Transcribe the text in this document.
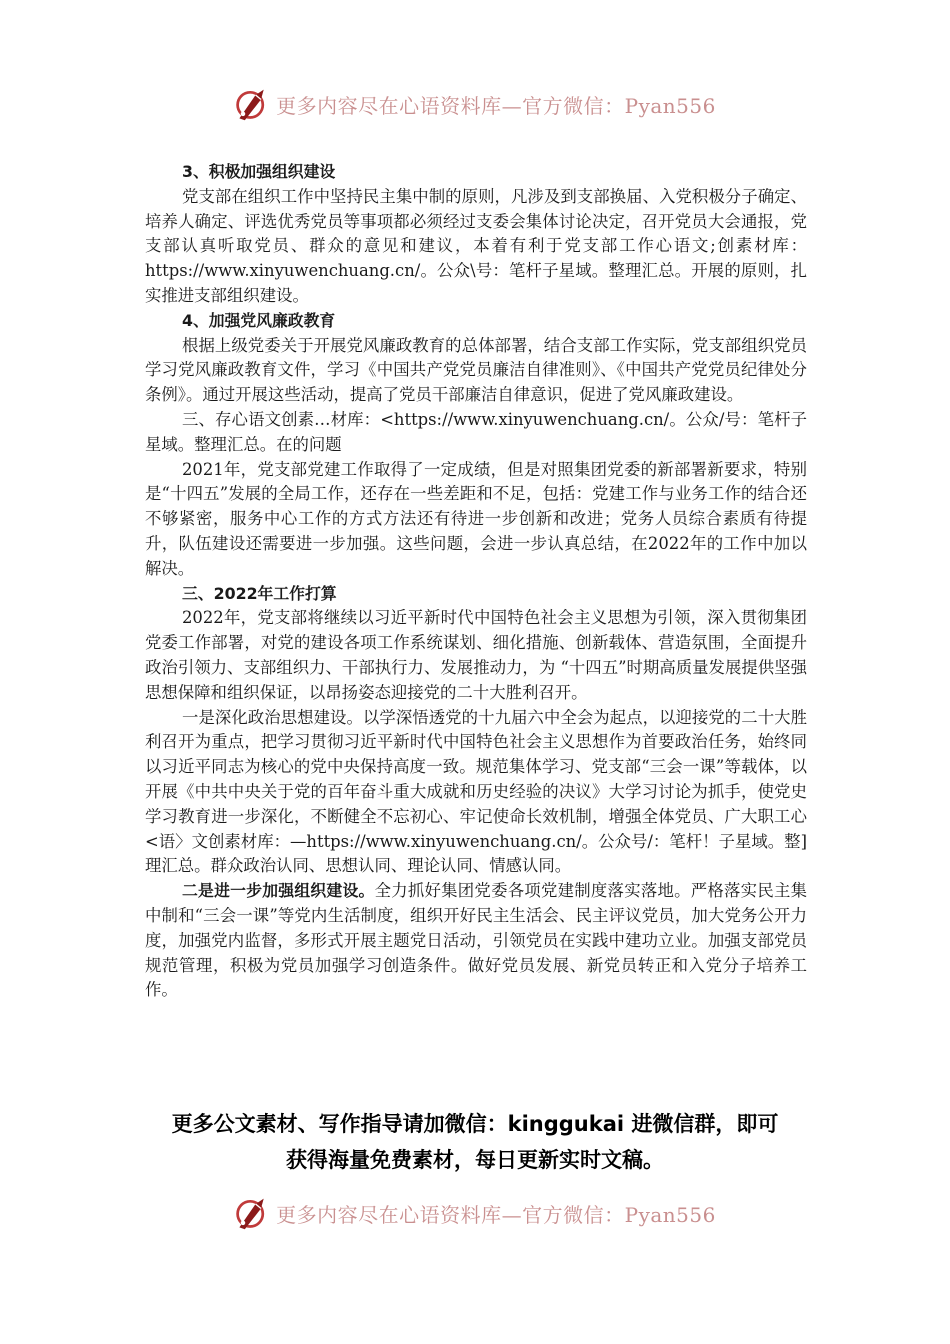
更多内容尽在心语资料库—官方微信：Pyan556

3、积极加强组织建设

党支部在组织工作中坚持民主集中制的原则，凡涉及到支部换届、入党积极分子确定、培养人确定、评选优秀党员等事项都必须经过支委会集体讨论决定，召开党员大会通报，党支部认真听取党员、群众的意见和建议，本着有利于党支部工作心语文;创素材库：https://www.xinyuwenchuang.cn/。公众\号：笔杆子星域。整理汇总。开展的原则，扎实推进支部组织建设。

4、加强党风廉政教育

根据上级党委关于开展党风廉政教育的总体部署，结合支部工作实际，党支部组织党员学习党风廉政教育文件，学习《中国共产党党员廉洁自律准则》、《中国共产党党员纪律处分条例》。通过开展这些活动，提高了党员干部廉洁自律意识，促进了党风廉政建设。

三、存心语文创素…材库：<https://www.xinyuwenchuang.cn/。公众/号：笔杆子星域。整理汇总。在的问题

2021年，党支部党建工作取得了一定成绩，但是对照集团党委的新部署新要求，特别是“十四五”发展的全局工作，还存在一些差距和不足，包括：党建工作与业务工作的结合还不够紧密，服务中心工作的方式方法还有待进一步创新和改进；党务人员综合素质有待提升，队伍建设还需要进一步加强。这些问题，会进一步认真总结，在2022年的工作中加以解决。

三、2022年工作打算

2022年，党支部将继续以习近平新时代中国特色社会主义思想为引领，深入贯彻集团党委工作部署，对党的建设各项工作系统谋划、细化措施、创新载体、营造氛围，全面提升政治引领力、支部组织力、干部执行力、发展推动力，为 “十四五”时期高质量发展提供坚强思想保障和组织保证，以昂扬姿态迎接党的二十大胜利召开。

一是深化政治思想建设。以学深悟透党的十九届六中全会为起点，以迎接党的二十大胜利召开为重点，把学习贯彻习近平新时代中国特色社会主义思想作为首要政治任务，始终同以习近平同志为核心的党中央保持高度一致。规范集体学习、党支部“三会一课”等载体，以开展《中共中央关于党的百年奋斗重大成就和历史经验的决议》大学习讨论为抓手，使党史学习教育进一步深化，不断健全不忘初心、牢记使命长效机制，增强全体党员、广大职工心<语〉文创素材库：—https://www.xinyuwenchuang.cn/。公众号/：笔杆！子星域。整]理汇总。群众政治认同、思想认同、理论认同、情感认同。

二是进一步加强组织建设。全力抓好集团党委各项党建制度落实落地。严格落实民主集中制和“三会一课”等党内生活制度，组织开好民主生活会、民主评议党员，加大党务公开力度，加强党内监督，多形式开展主题党日活动，引领党员在实践中建功立业。加强支部党员规范管理，积极为党员加强学习创造条件。做好党员发展、新党员转正和入党分子培养工作。

更多公文素材、写作指导请加微信：kinggukai 进微信群，即可
获得海量免费素材，每日更新实时文稿。
更多内容尽在心语资料库—官方微信：Pyan556
